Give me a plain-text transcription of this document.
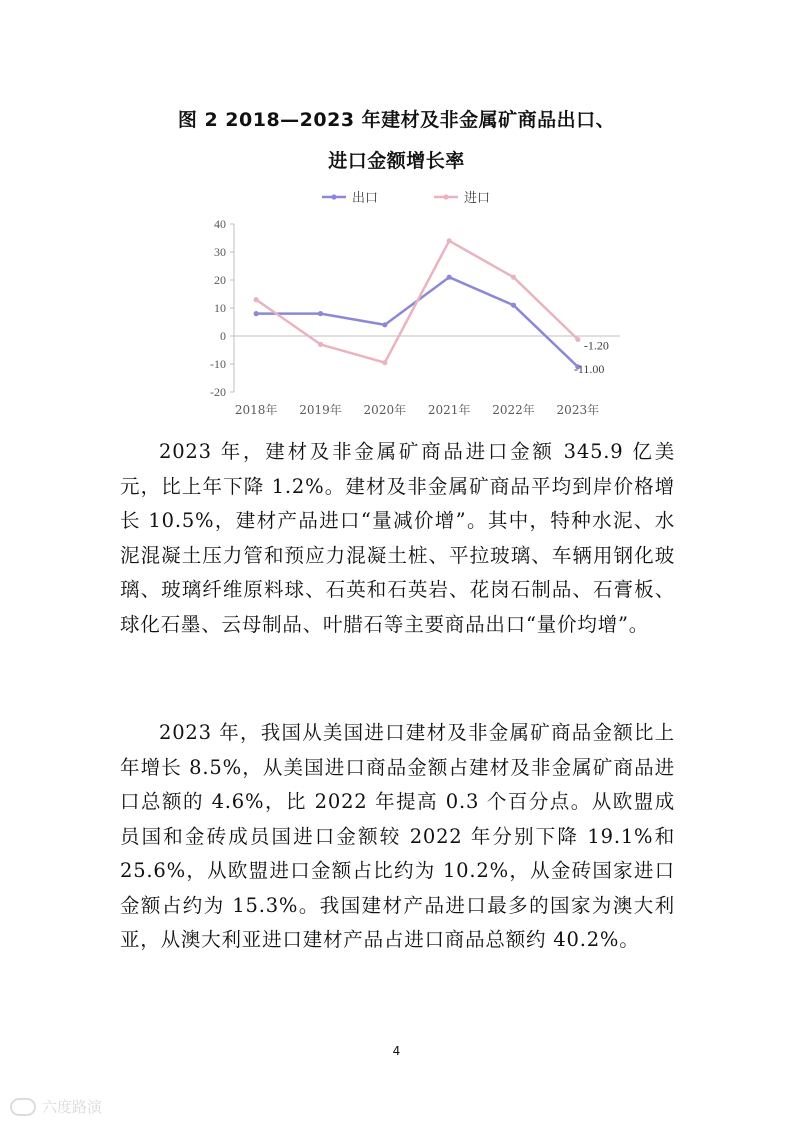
图 2 2018—2023 年建材及非金属矿商品出口、
进口金额增长率
出口	进口
40
30
20
10
0
-10
-20
2018年 2019年 2020年 2021年 2022年 2023年
-1.20
-11.00

2023 年，建材及非金属矿商品进口金额 345.9 亿美元，比上年下降 1.2%。建材及非金属矿商品平均到岸价格增长 10.5%，建材产品进口“量减价增”。其中，特种水泥、水泥混凝土压力管和预应力混凝土桩、平拉玻璃、车辆用钢化玻璃、玻璃纤维原料球、石英和石英岩、花岗石制品、石膏板、球化石墨、云母制品、叶腊石等主要商品出口“量价均增”。

2023 年，我国从美国进口建材及非金属矿商品金额比上年增长 8.5%，从美国进口商品金额占建材及非金属矿商品进口总额的 4.6%，比 2022 年提高 0.3 个百分点。从欧盟成员国和金砖成员国进口金额较 2022 年分别下降 19.1%和 25.6%，从欧盟进口金额占比约为 10.2%，从金砖国家进口金额占约为 15.3%。我国建材产品进口最多的国家为澳大利亚，从澳大利亚进口建材产品占进口商品总额约 40.2%。

4
六度路演
